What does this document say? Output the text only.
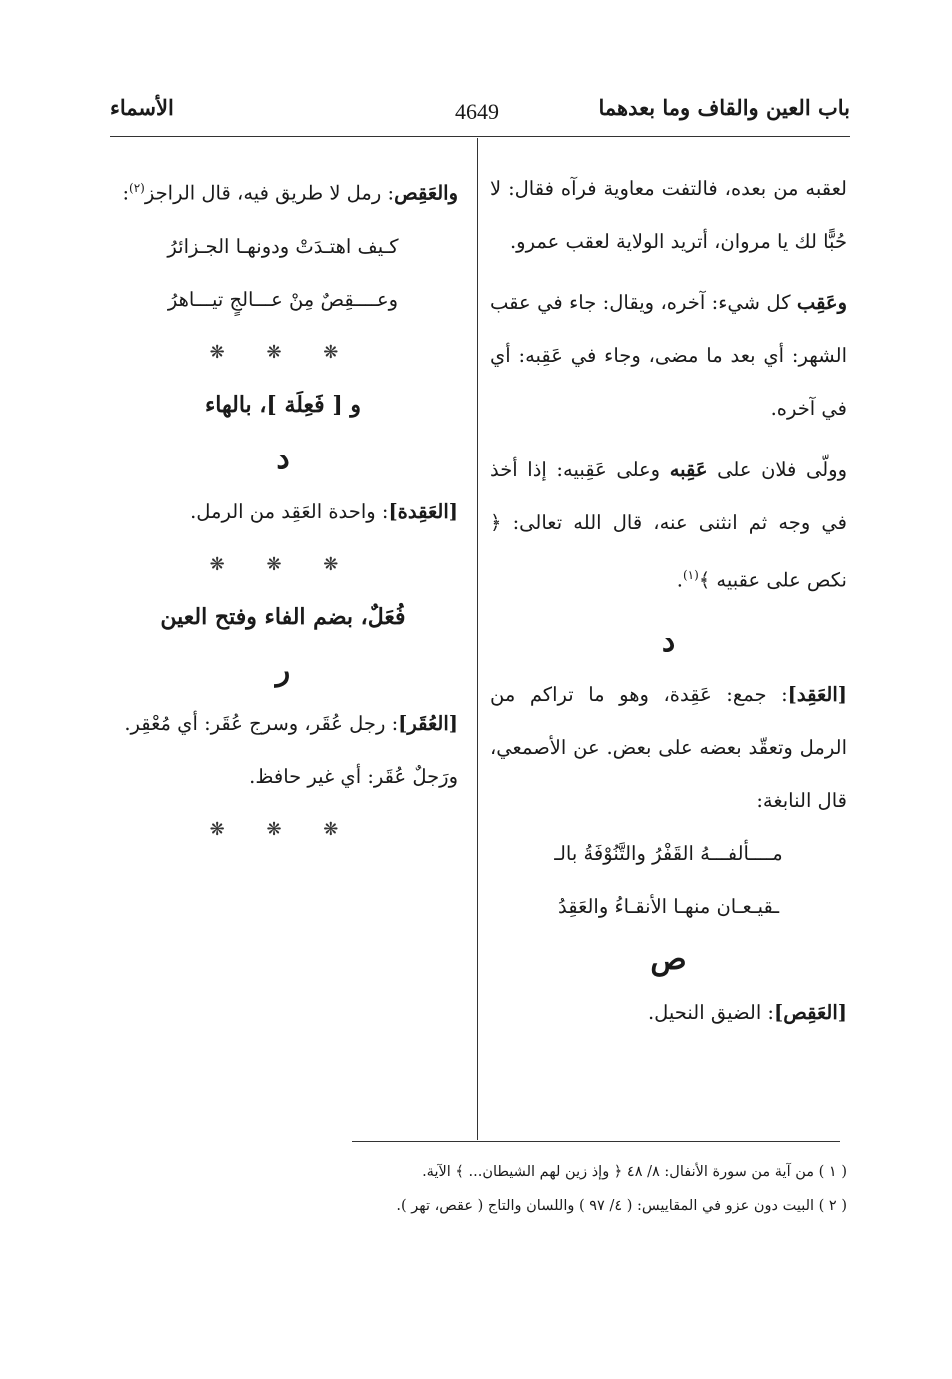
باب العين والقاف وما بعدهما
4649
الأسماء

لعقبه من بعده، فالتفت معاوية فرآه فقال: لا حُبًّا لك يا مروان، أتريد الولاية لعقب عمرو.

وعَقِب كل شيء: آخره، ويقال: جاء في عقب الشهر: أي بعد ما مضى، وجاء في عَقِبه: أي في آخره.

وولّى فلان على عَقِبه وعلى عَقِبيه: إذا أخذ في وجه ثم انثنى عنه، قال الله تعالى: ﴿ نكص على عقبيه ﴾$^{(١)}$.

د

[العَقِد]: جمع: عَقِدة، وهو ما تراكم من الرمل وتعقّد بعضه على بعض. عن الأصمعي، قال النابغة:

مــــألفـــهُ القَفْرُ والتَّنُوْفَةُ بالـ

ـقيـعـان منهـا الأنقـاءُ والعَقِدُ

ص

[العَقِص]: الضيق النحيل.

والعَقِص: رمل لا طريق فيه، قال الراجز$^{(٢)}$:

كـيف اهتـدَتْ ودونهـا الجـزائرُ

وعــــقِصٌ مِنْ عـــالجٍ تيـــاهرُ

❋ ❋ ❋

و [ فَعِلَة ]، بالهاء

د

[العَقِدة]: واحدة العَقِد من الرمل.

❋ ❋ ❋

فُعَلٌ، بضم الفاء وفتح العين

ر

[العُقَر]: رجل عُقَر، وسرج عُقَر: أي مُعْقِر.

ورَجلٌ عُقَر: أي غير حافظ.

❋ ❋ ❋

( ١ ) من آية من سورة الأنفال: ٨/ ٤٨ ﴿ وإذ زين لهم الشيطان... ﴾ الآية.

( ٢ ) البيت دون عزو في المقاييس: ( ٤/ ٩٧ ) واللسان والتاج ( عقص، تهر ).
